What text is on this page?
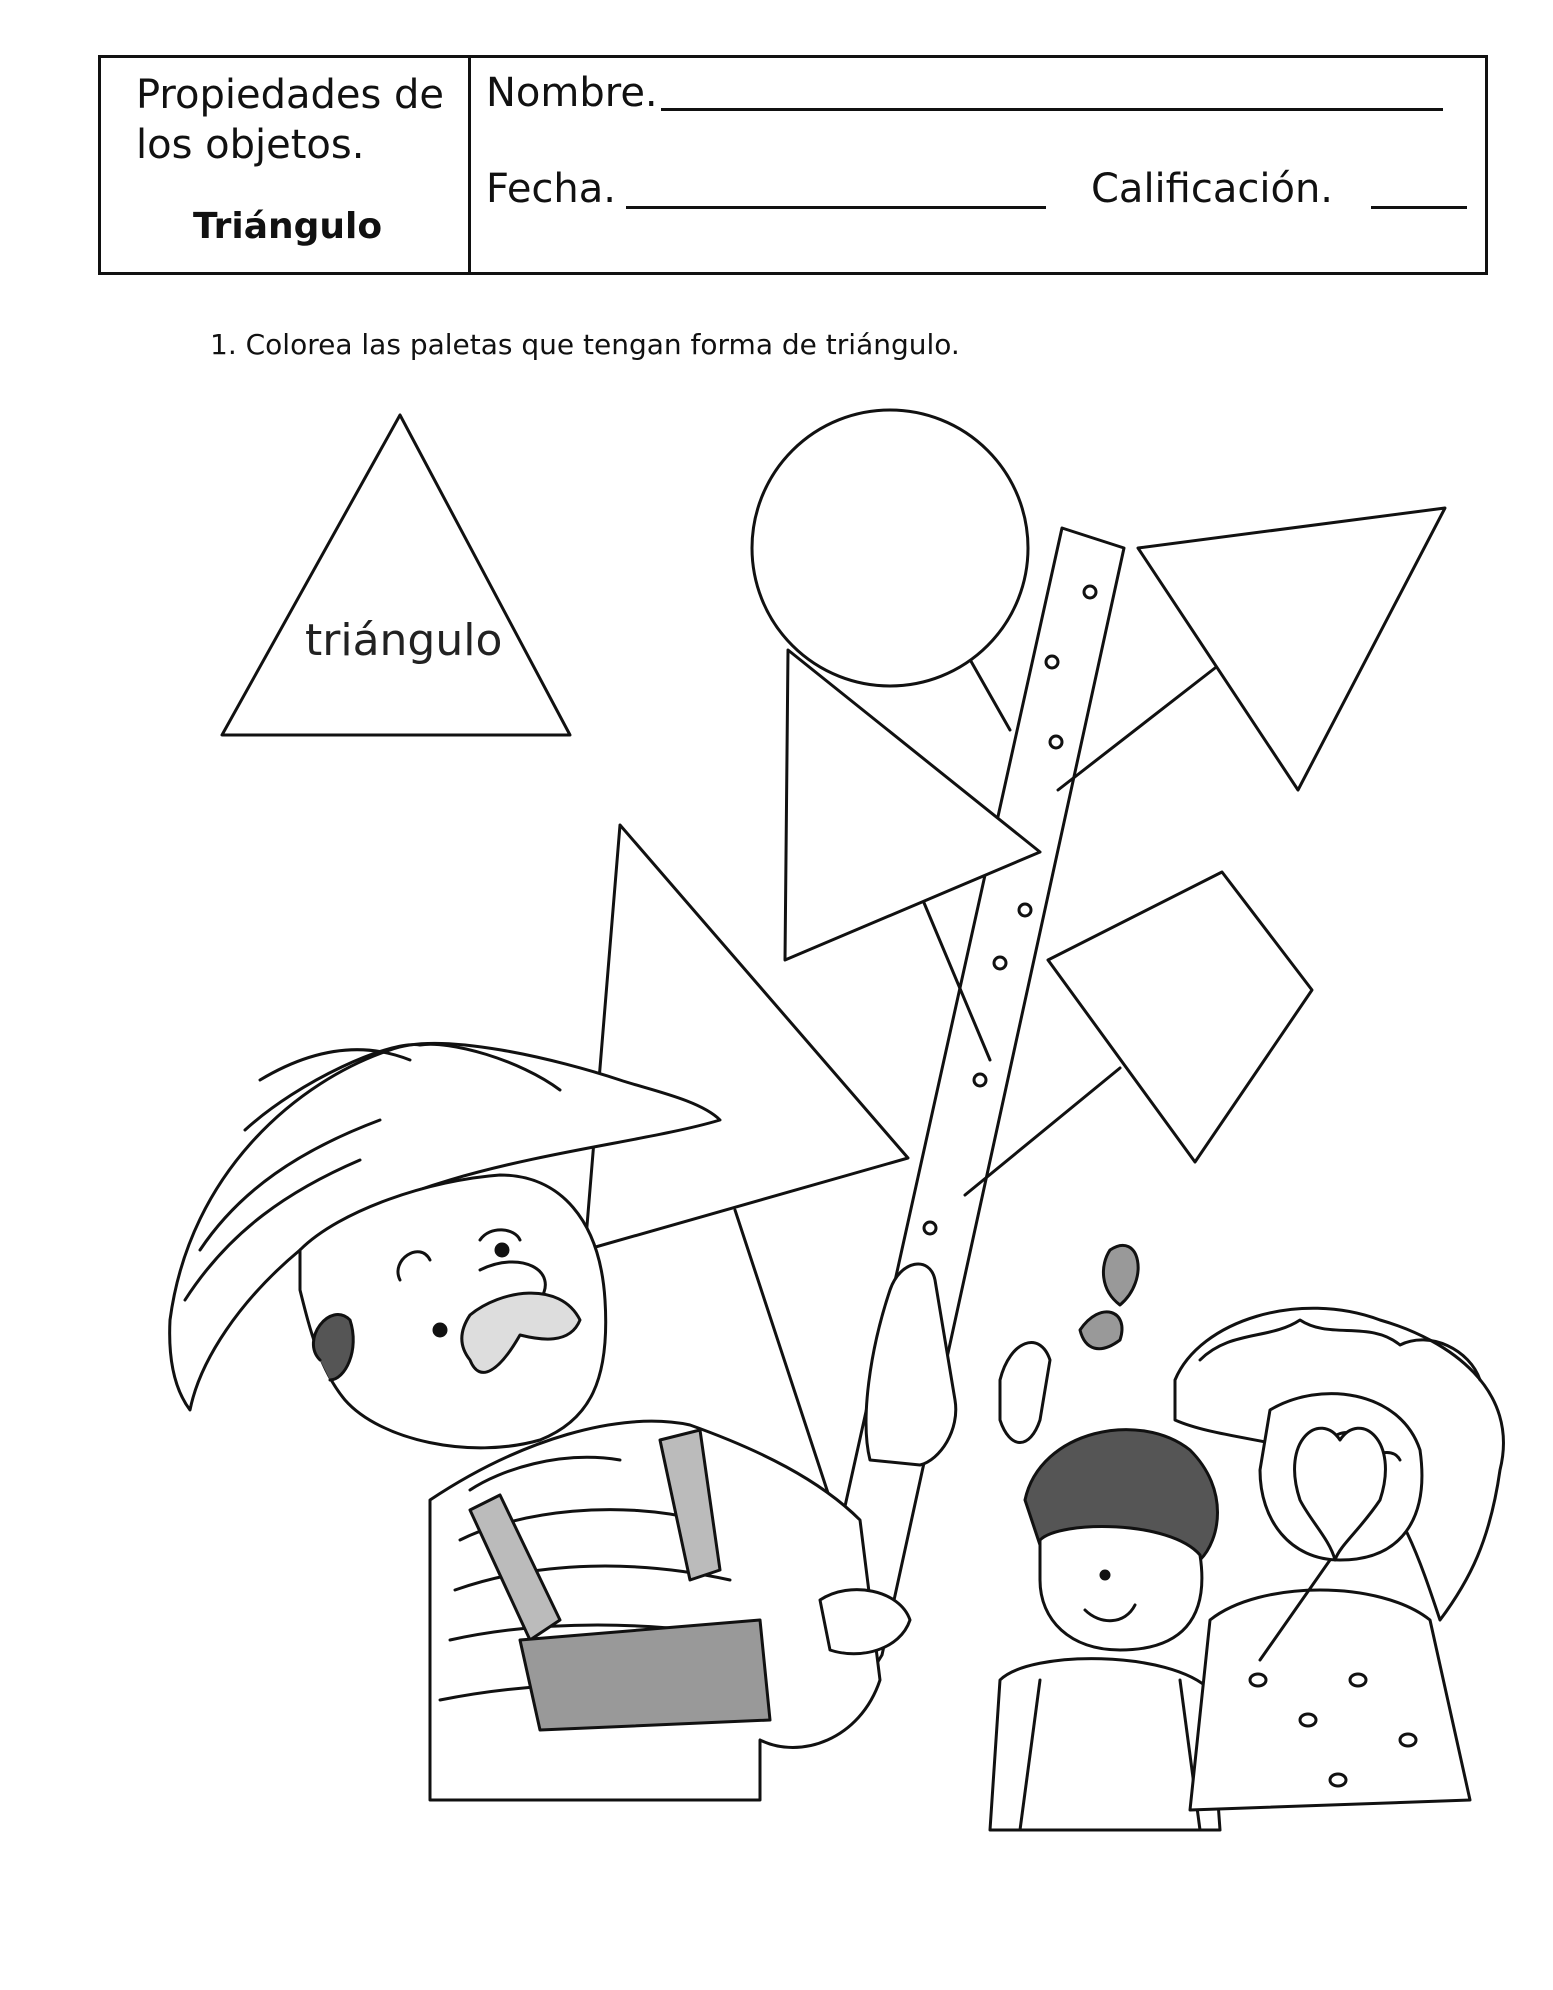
Propiedades de los objetos.
Triángulo
Nombre.
Fecha.	Calificación.
1. Colorea las paletas que tengan forma de triángulo.
triángulo
